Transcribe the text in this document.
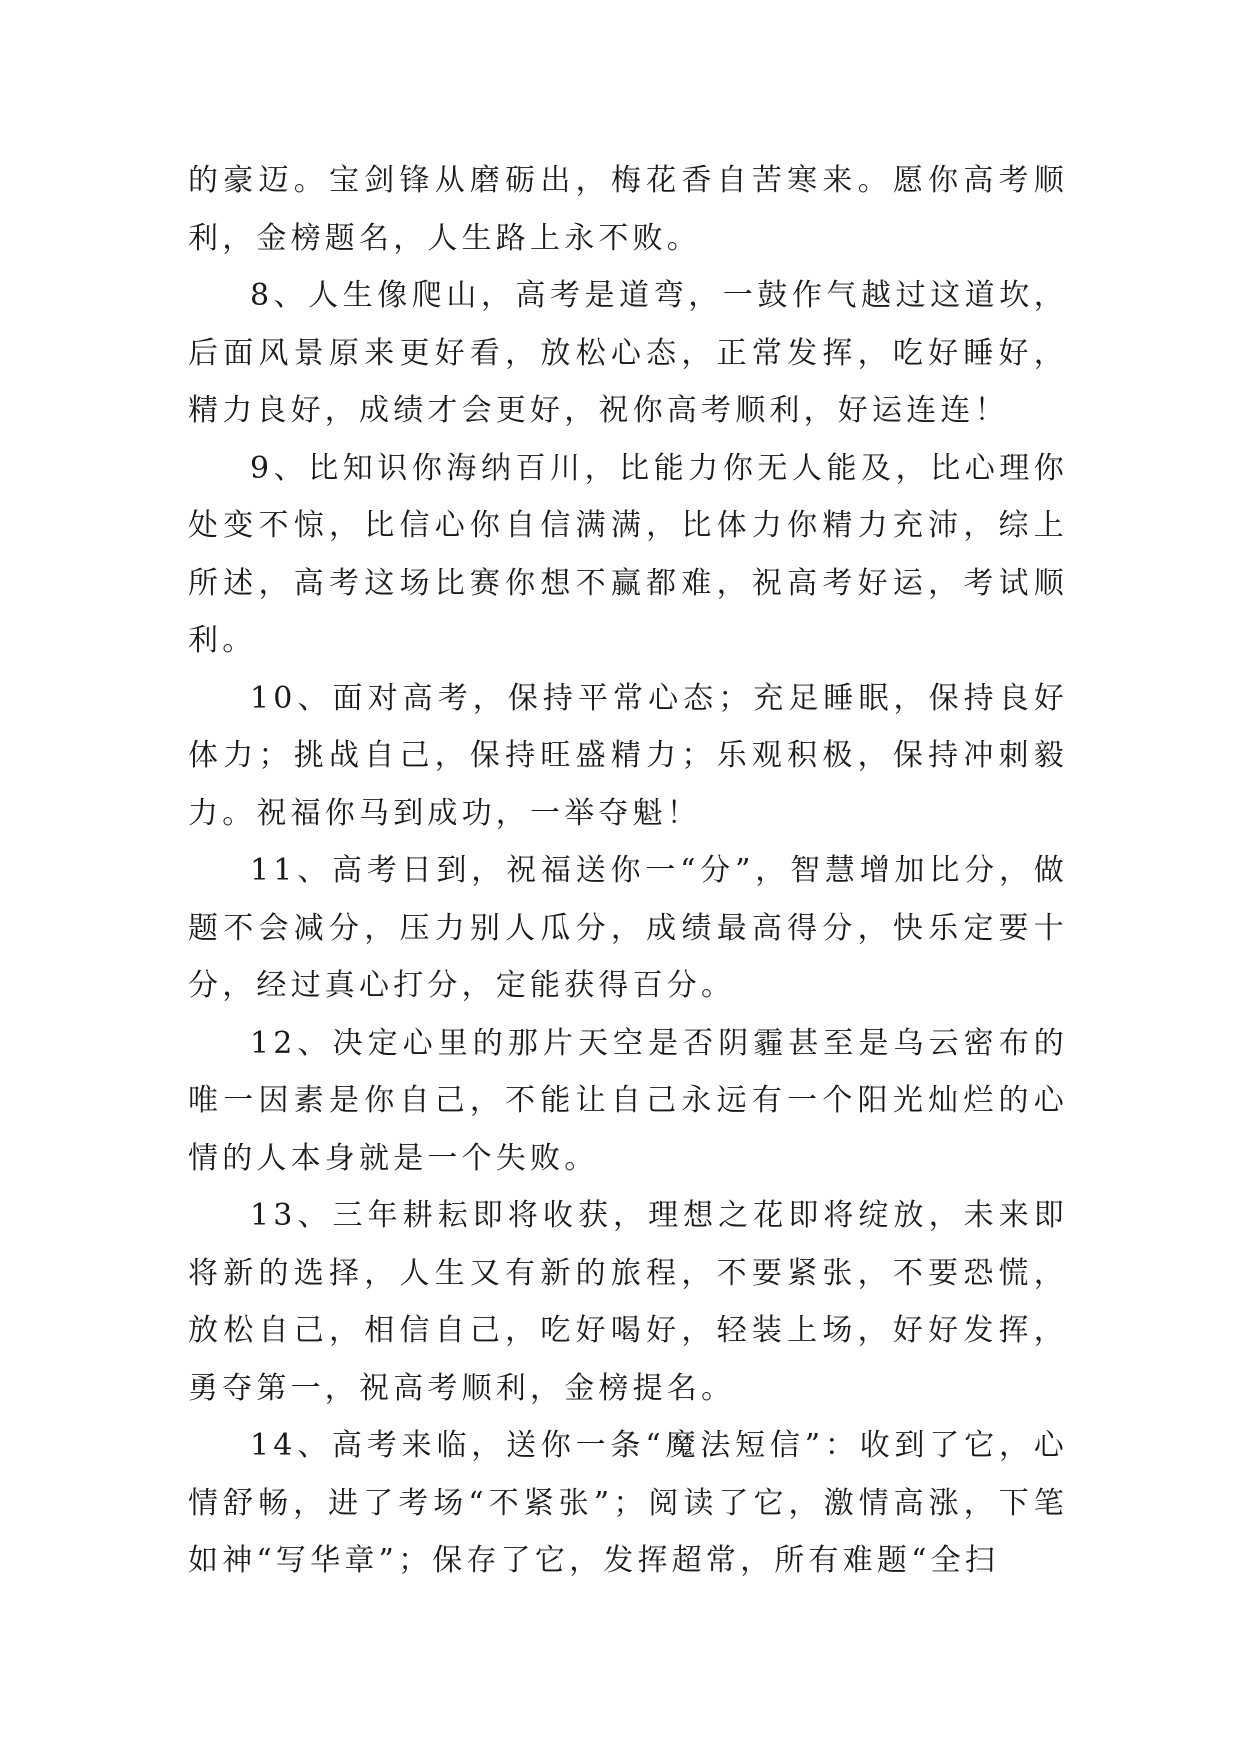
的豪迈。宝剑锋从磨砺出，梅花香自苦寒来。愿你高考顺利，金榜题名，人生路上永不败。

8、人生像爬山，高考是道弯，一鼓作气越过这道坎，后面风景原来更好看，放松心态，正常发挥，吃好睡好，精力良好，成绩才会更好，祝你高考顺利，好运连连！

9、比知识你海纳百川，比能力你无人能及，比心理你处变不惊，比信心你自信满满，比体力你精力充沛，综上所述，高考这场比赛你想不赢都难，祝高考好运，考试顺利。

10、面对高考，保持平常心态；充足睡眠，保持良好体力；挑战自己，保持旺盛精力；乐观积极，保持冲刺毅力。祝福你马到成功，一举夺魁！

11、高考日到，祝福送你一“分”，智慧增加比分，做题不会减分，压力别人瓜分，成绩最高得分，快乐定要十分，经过真心打分，定能获得百分。

12、决定心里的那片天空是否阴霾甚至是乌云密布的唯一因素是你自己，不能让自己永远有一个阳光灿烂的心情的人本身就是一个失败。

13、三年耕耘即将收获，理想之花即将绽放，未来即将新的选择，人生又有新的旅程，不要紧张，不要恐慌，放松自己，相信自己，吃好喝好，轻装上场，好好发挥，勇夺第一，祝高考顺利，金榜提名。

14、高考来临，送你一条“魔法短信”：收到了它，心情舒畅，进了考场“不紧张”；阅读了它，激情高涨，下笔如神“写华章”；保存了它，发挥超常，所有难题“全扫
